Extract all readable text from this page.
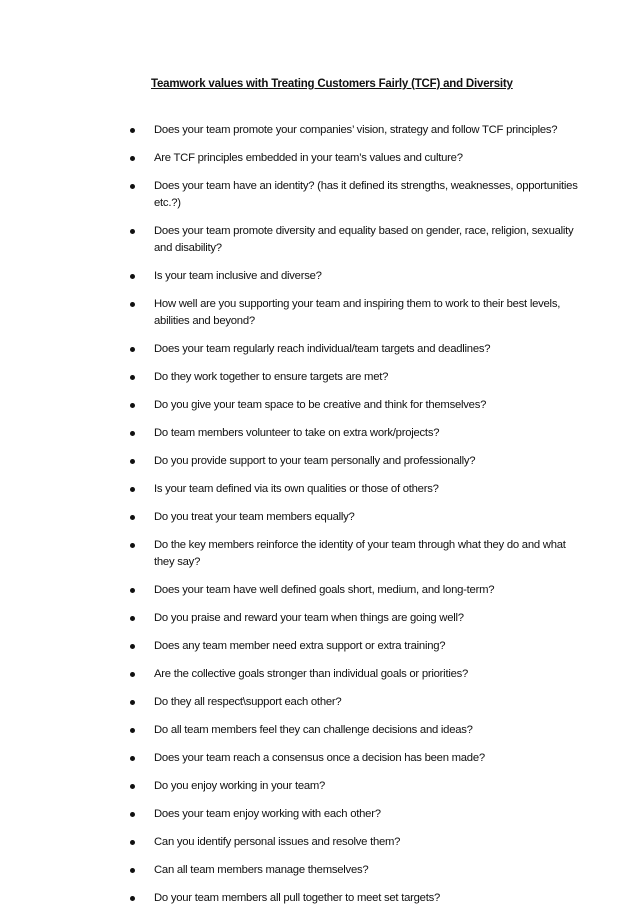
Teamwork values with Treating Customers Fairly (TCF) and Diversity
Does your team promote your companies’ vision, strategy and follow TCF principles?
Are TCF principles embedded in your team’s values and culture?
Does your team have an identity? (has it defined its strengths, weaknesses, opportunities etc.?)
Does your team promote diversity and equality based on gender, race, religion, sexuality and disability?
Is your team inclusive and diverse?
How well are you supporting your team and inspiring them to work to their best levels, abilities and beyond?
Does your team regularly reach individual/team targets and deadlines?
Do they work together to ensure targets are met?
Do you give your team space to be creative and think for themselves?
Do team members volunteer to take on extra work/projects?
Do you provide support to your team personally and professionally?
Is your team defined via its own qualities or those of others?
Do you treat your team members equally?
Do the key members reinforce the identity of your team through what they do and what they say?
Does your team have well defined goals short, medium, and long-term?
Do you praise and reward your team when things are going well?
Does any team member need extra support or extra training?
Are the collective goals stronger than individual goals or priorities?
Do they all respect\support each other?
Do all team members feel they can challenge decisions and ideas?
Does your team reach a consensus once a decision has been made?
Do you enjoy working in your team?
Does your team enjoy working with each other?
Can you identify personal issues and resolve them?
Can all team members manage themselves?
Do your team members all pull together to meet set targets?
